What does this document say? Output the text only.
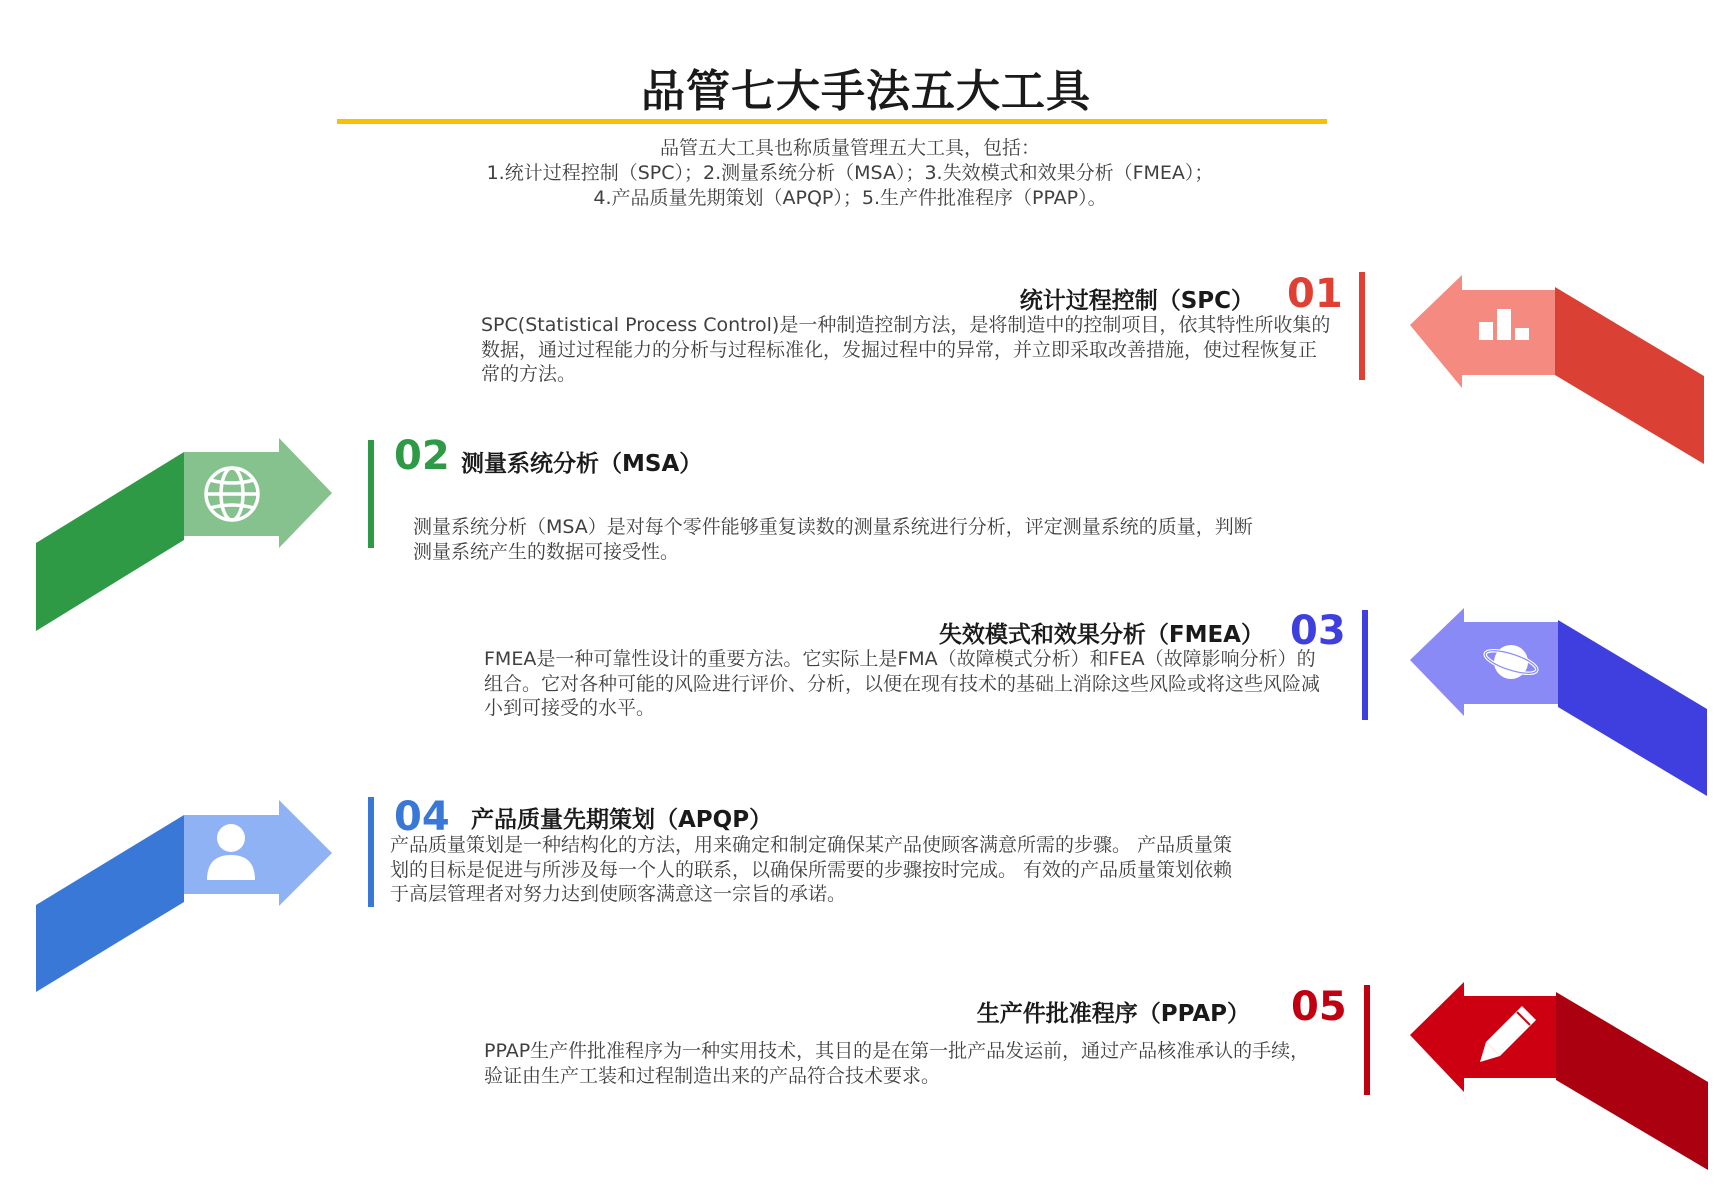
品管七大手法五大工具
品管五大工具也称质量管理五大工具，包括：
1.统计过程控制（SPC）；2.测量系统分析（MSA）；3.失效模式和效果分析（FMEA）；
4.产品质量先期策划（APQP）；5.生产件批准程序（PPAP）。
统计过程控制（SPC） 01
SPC(Statistical Process Control)是一种制造控制方法，是将制造中的控制项目，依其特性所收集的
数据，通过过程能力的分析与过程标准化，发掘过程中的异常，并立即采取改善措施，使过程恢复正
常的方法。
02 测量系统分析（MSA）
测量系统分析（MSA）是对每个零件能够重复读数的测量系统进行分析，评定测量系统的质量，判断
测量系统产生的数据可接受性。
失效模式和效果分析（FMEA） 03
FMEA是一种可靠性设计的重要方法。它实际上是FMA（故障模式分析）和FEA（故障影响分析）的
组合。它对各种可能的风险进行评价、分析，以便在现有技术的基础上消除这些风险或将这些风险减
小到可接受的水平。
04 产品质量先期策划（APQP）
产品质量策划是一种结构化的方法，用来确定和制定确保某产品使顾客满意所需的步骤。 产品质量策
划的目标是促进与所涉及每一个人的联系，以确保所需要的步骤按时完成。 有效的产品质量策划依赖
于高层管理者对努力达到使顾客满意这一宗旨的承诺。
生产件批准程序（PPAP） 05
PPAP生产件批准程序为一种实用技术，其目的是在第一批产品发运前，通过产品核准承认的手续，
验证由生产工装和过程制造出来的产品符合技术要求。
